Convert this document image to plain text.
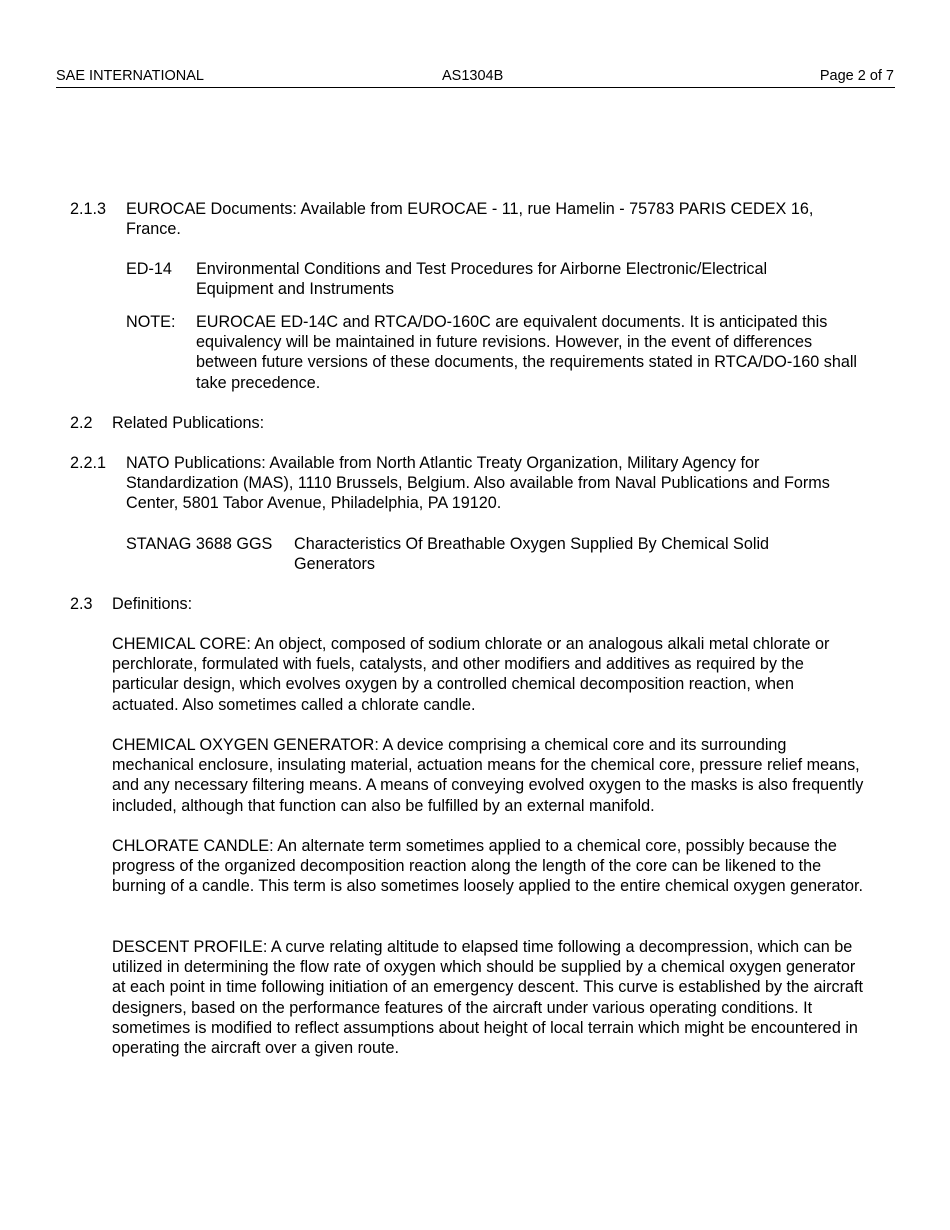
SAE INTERNATIONAL	AS1304B	Page 2 of 7
2.1.3 EUROCAE Documents: Available from EUROCAE - 11, rue Hamelin - 75783 PARIS CEDEX 16, France.

ED-14 Environmental Conditions and Test Procedures for Airborne Electronic/Electrical Equipment and Instruments

NOTE: EUROCAE ED-14C and RTCA/DO-160C are equivalent documents. It is anticipated this equivalency will be maintained in future revisions. However, in the event of differences between future versions of these documents, the requirements stated in RTCA/DO-160 shall take precedence.

2.2 Related Publications:

2.2.1 NATO Publications: Available from North Atlantic Treaty Organization, Military Agency for Standardization (MAS), 1110 Brussels, Belgium. Also available from Naval Publications and Forms Center, 5801 Tabor Avenue, Philadelphia, PA 19120.

STANAG 3688 GGS Characteristics Of Breathable Oxygen Supplied By Chemical Solid Generators

2.3 Definitions:

CHEMICAL CORE: An object, composed of sodium chlorate or an analogous alkali metal chlorate or perchlorate, formulated with fuels, catalysts, and other modifiers and additives as required by the particular design, which evolves oxygen by a controlled chemical decomposition reaction, when actuated. Also sometimes called a chlorate candle.

CHEMICAL OXYGEN GENERATOR: A device comprising a chemical core and its surrounding mechanical enclosure, insulating material, actuation means for the chemical core, pressure relief means, and any necessary filtering means. A means of conveying evolved oxygen to the masks is also frequently included, although that function can also be fulfilled by an external manifold.

CHLORATE CANDLE: An alternate term sometimes applied to a chemical core, possibly because the progress of the organized decomposition reaction along the length of the core can be likened to the burning of a candle. This term is also sometimes loosely applied to the entire chemical oxygen generator.

DESCENT PROFILE: A curve relating altitude to elapsed time following a decompression, which can be utilized in determining the flow rate of oxygen which should be supplied by a chemical oxygen generator at each point in time following initiation of an emergency descent. This curve is established by the aircraft designers, based on the performance features of the aircraft under various operating conditions. It sometimes is modified to reflect assumptions about height of local terrain which might be encountered in operating the aircraft over a given route.
